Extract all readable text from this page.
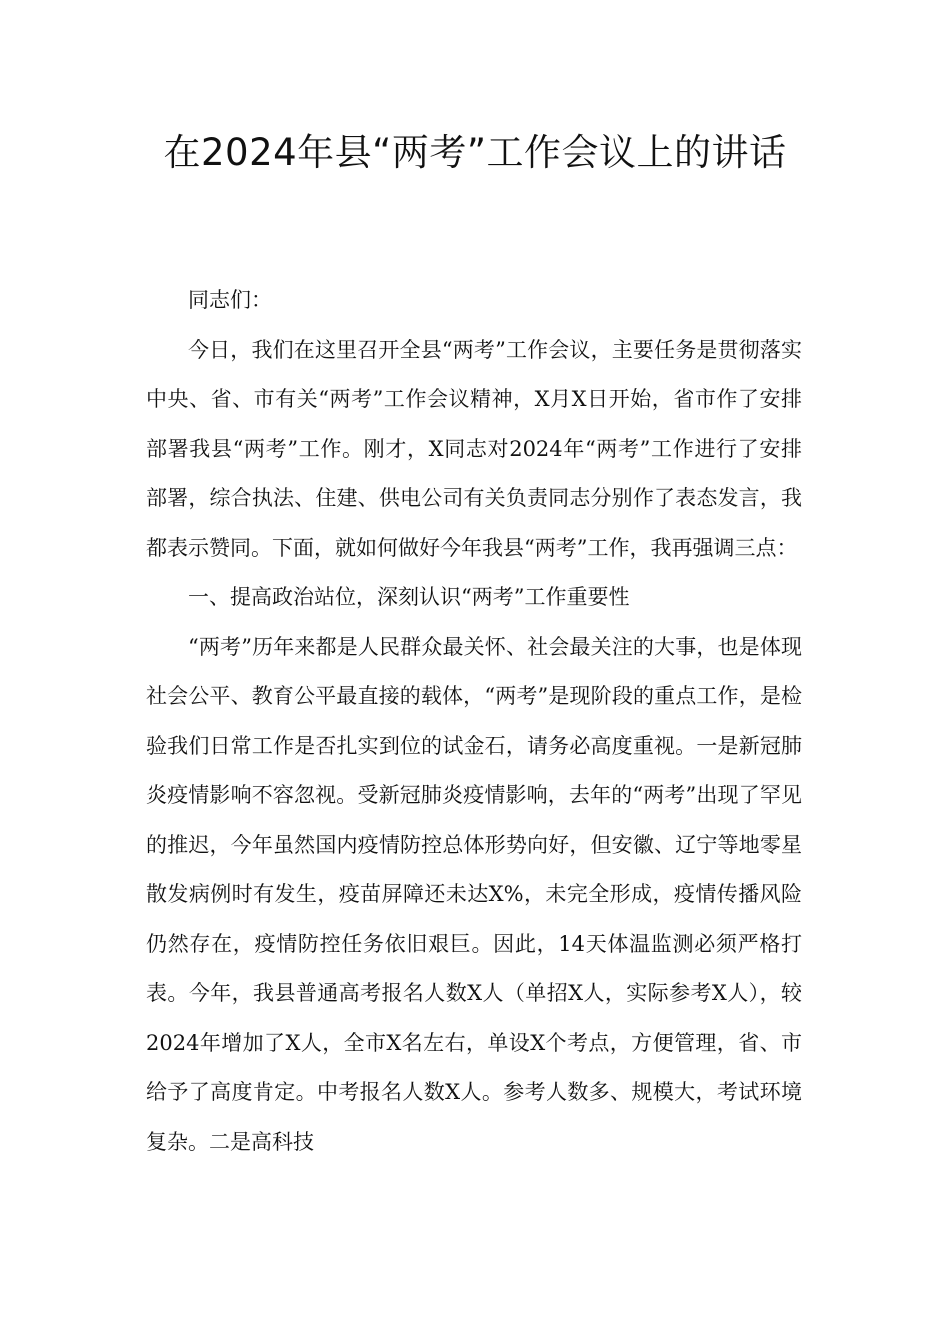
在2024年县“两考”工作会议上的讲话

同志们：

今日，我们在这里召开全县“两考”工作会议，主要任务是贯彻落实中央、省、市有关“两考”工作会议精神，X月X日开始，省市作了安排部署我县“两考”工作。刚才，X同志对2024年“两考”工作进行了安排部署，综合执法、住建、供电公司有关负责同志分别作了表态发言，我都表示赞同。下面，就如何做好今年我县“两考”工作，我再强调三点：

一、提高政治站位，深刻认识“两考”工作重要性

“两考”历年来都是人民群众最关怀、社会最关注的大事，也是体现社会公平、教育公平最直接的载体，“两考”是现阶段的重点工作，是检验我们日常工作是否扎实到位的试金石，请务必高度重视。一是新冠肺炎疫情影响不容忽视。受新冠肺炎疫情影响，去年的“两考”出现了罕见的推迟，今年虽然国内疫情防控总体形势向好，但安徽、辽宁等地零星散发病例时有发生，疫苗屏障还未达X%，未完全形成，疫情传播风险仍然存在，疫情防控任务依旧艰巨。因此，14天体温监测必须严格打表。今年，我县普通高考报名人数X人（单招X人，实际参考X人），较2024年增加了X人，全市X名左右，单设X个考点，方便管理，省、市给予了高度肯定。中考报名人数X人。参考人数多、规模大，考试环境复杂。二是高科技
